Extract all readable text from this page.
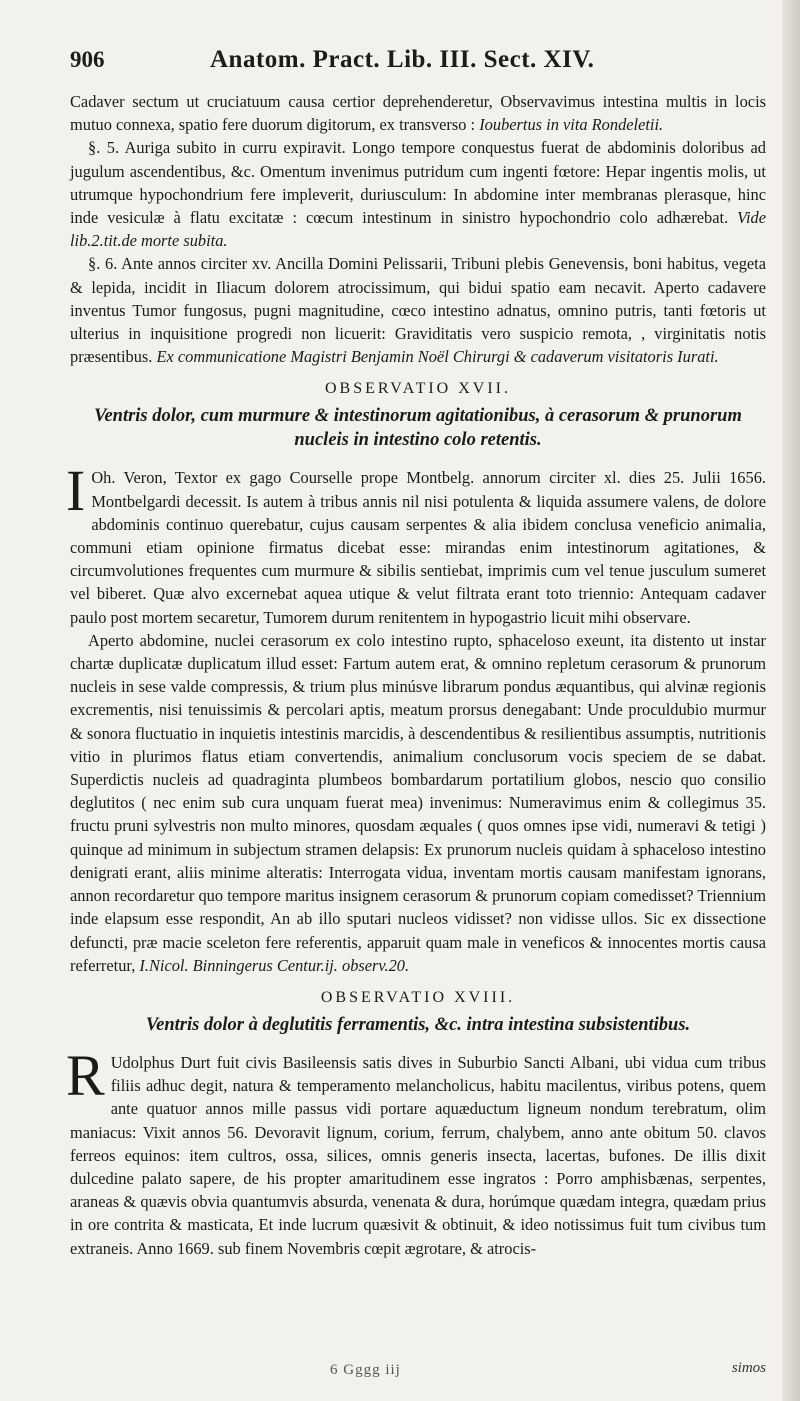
906	Anatom. Pract. Lib. III. Sect. XIV.

Cadaver sectum ut cruciatuum causa certior deprehenderetur, Observavimus intestina multis in locis mutuo connexa, spatio fere duorum digitorum, ex transverso : Ioubertus in vita Rondeletii.

§. 5. Auriga subito in curru expiravit. Longo tempore conquestus fuerat de abdominis doloribus ad jugulum ascendentibus, &c. Omentum invenimus putridum cum ingenti fœtore: Hepar ingentis molis, ut utrumque hypochondrium fere impleverit, duriusculum: In abdomine inter membranas plerasque, hinc inde vesiculæ à flatu excitatæ : cœcum intestinum in sinistro hypochondrio colo adhærebat. Vide lib.2.tit.de morte subita.

§. 6. Ante annos circiter xv. Ancilla Domini Pelissarii, Tribuni plebis Genevensis, boni habitus, vegeta & lepida, incidit in Iliacum dolorem atrocissimum, qui bidui spatio eam necavit. Aperto cadavere inventus Tumor fungosus, pugni magnitudine, cœco intestino adnatus, omnino putris, tanti fœtoris ut ulterius in inquisitione progredi non licuerit: Graviditatis vero suspicio remota, , virginitatis notis præsentibus. Ex communicatione Magistri Benjamin Noël Chirurgi & cadaverum visitatoris Iurati.

OBSERVATIO XVII.
Ventris dolor, cum murmure & intestinorum agitationibus, à cerasorum & prunorum nucleis in intestino colo retentis.

I Oh. Veron, Textor ex gago Courselle prope Montbelg. annorum circiter xl. dies 25. Julii 1656. Montbelgardi decessit. Is autem à tribus annis nil nisi potulenta & liquida assumere valens, de dolore abdominis continuo querebatur, cujus causam serpentes & alia ibidem conclusa veneficio animalia, communi etiam opinione firmatus dicebat esse: mirandas enim intestinorum agitationes, & circumvolutiones frequentes cum murmure & sibilis sentiebat, imprimis cum vel tenue jusculum sumeret vel biberet. Quæ alvo excernebat aquea utique & velut filtrata erant toto triennio: Antequam cadaver paulo post mortem secaretur, Tumorem durum renitentem in hypogastrio licuit mihi observare.

Aperto abdomine, nuclei cerasorum ex colo intestino rupto, sphaceloso exeunt, ita distento ut instar chartæ duplicatæ duplicatum illud esset: Fartum autem erat, & omnino repletum cerasorum & prunorum nucleis in sese valde compressis, & trium plus minúsve librarum pondus æquantibus, qui alvinæ regionis excrementis, nisi tenuissimis & percolari aptis, meatum prorsus denegabant: Unde proculdubio murmur & sonora fluctuatio in inquietis intestinis marcidis, à descendentibus & resilientibus assumptis, nutritionis vitio in plurimos flatus etiam convertendis, animalium conclusorum vocis speciem de se dabat. Superdictis nucleis ad quadraginta plumbeos bombardarum portatilium globos, nescio quo consilio deglutitos ( nec enim sub cura unquam fuerat mea) invenimus: Numeravimus enim & collegimus 35. fructu pruni sylvestris non multo minores, quosdam æquales ( quos omnes ipse vidi, numeravi & tetigi ) quinque ad minimum in subjectum stramen delapsis: Ex prunorum nucleis quidam à sphaceloso intestino denigrati erant, aliis minime alteratis: Interrogata vidua, inventam mortis causam manifestam ignorans, annon recordaretur quo tempore maritus insignem cerasorum & prunorum copiam comedisset? Triennium inde elapsum esse respondit, An ab illo sputari nucleos vidisset? non vidisse ullos. Sic ex dissectione defuncti, præ macie sceleton fere referentis, apparuit quam male in veneficos & innocentes mortis causa referretur, I.Nicol. Binningerus Centur.ij. observ.20.

OBSERVATIO XVIII.
Ventris dolor à deglutitis ferramentis, &c. intra intestina subsistentibus.

R Udolphus Durt fuit civis Basileensis satis dives in Suburbio Sancti Albani, ubi vidua cum tribus filiis adhuc degit, natura & temperamento melancholicus, habitu macilentus, viribus potens, quem ante quatuor annos mille passus vidi portare aquæductum ligneum nondum terebratum, olim maniacus: Vixit annos 56. Devoravit lignum, corium, ferrum, chalybem, anno ante obitum 50. clavos ferreos equinos: item cultros, ossa, silices, omnis generis insecta, lacertas, bufones. De illis dixit dulcedine palato sapere, de his propter amaritudinem esse ingratos : Porro amphisbænas, serpentes, araneas & quævis obvia quantumvis absurda, venenata & dura, horúmque quædam integra, quædam prius in ore contrita & masticata, Et inde lucrum quæsivit & obtinuit, & ideo notissimus fuit tum civibus tum extraneis. Anno 1669. sub finem Novembris cœpit ægrotare, & atrocis-

6 Gggg iij	simos
